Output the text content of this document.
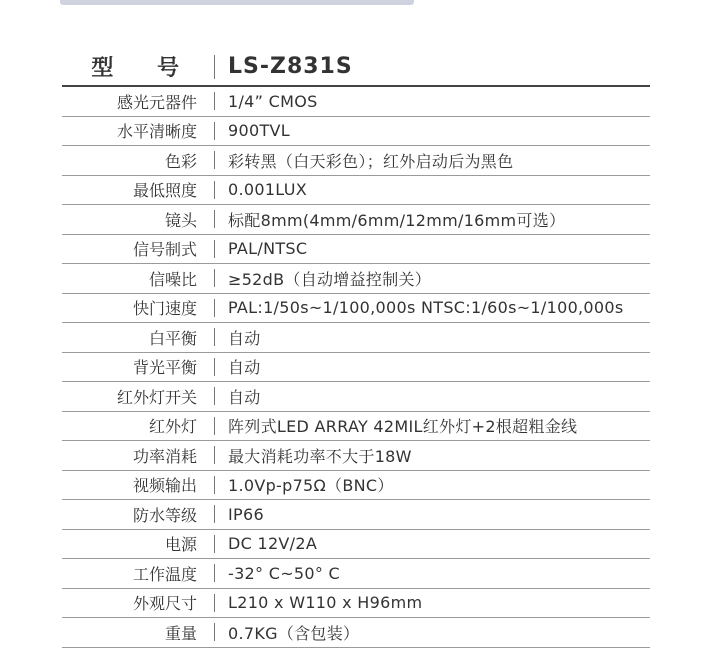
型 号 LS-Z831S
感光元器件 1/4” CMOS
水平清晰度 900TVL
色彩 彩转黑（白天彩色）；红外启动后为黑色
最低照度 0.001LUX
镜头 标配8mm(4mm/6mm/12mm/16mm可选）
信号制式 PAL/NTSC
信噪比 ≥52dB（自动增益控制关）
快门速度 PAL:1/50s~1/100,000s NTSC:1/60s~1/100,000s
白平衡 自动
背光平衡 自动
红外灯开关 自动
红外灯 阵列式LED ARRAY 42MIL红外灯+2根超粗金线
功率消耗 最大消耗功率不大于18W
视频输出 1.0Vp-p75Ω（BNC）
防水等级 IP66
电源 DC 12V/2A
工作温度 -32° C~50° C
外观尺寸 L210 x W110 x H96mm
重量 0.7KG（含包装）
